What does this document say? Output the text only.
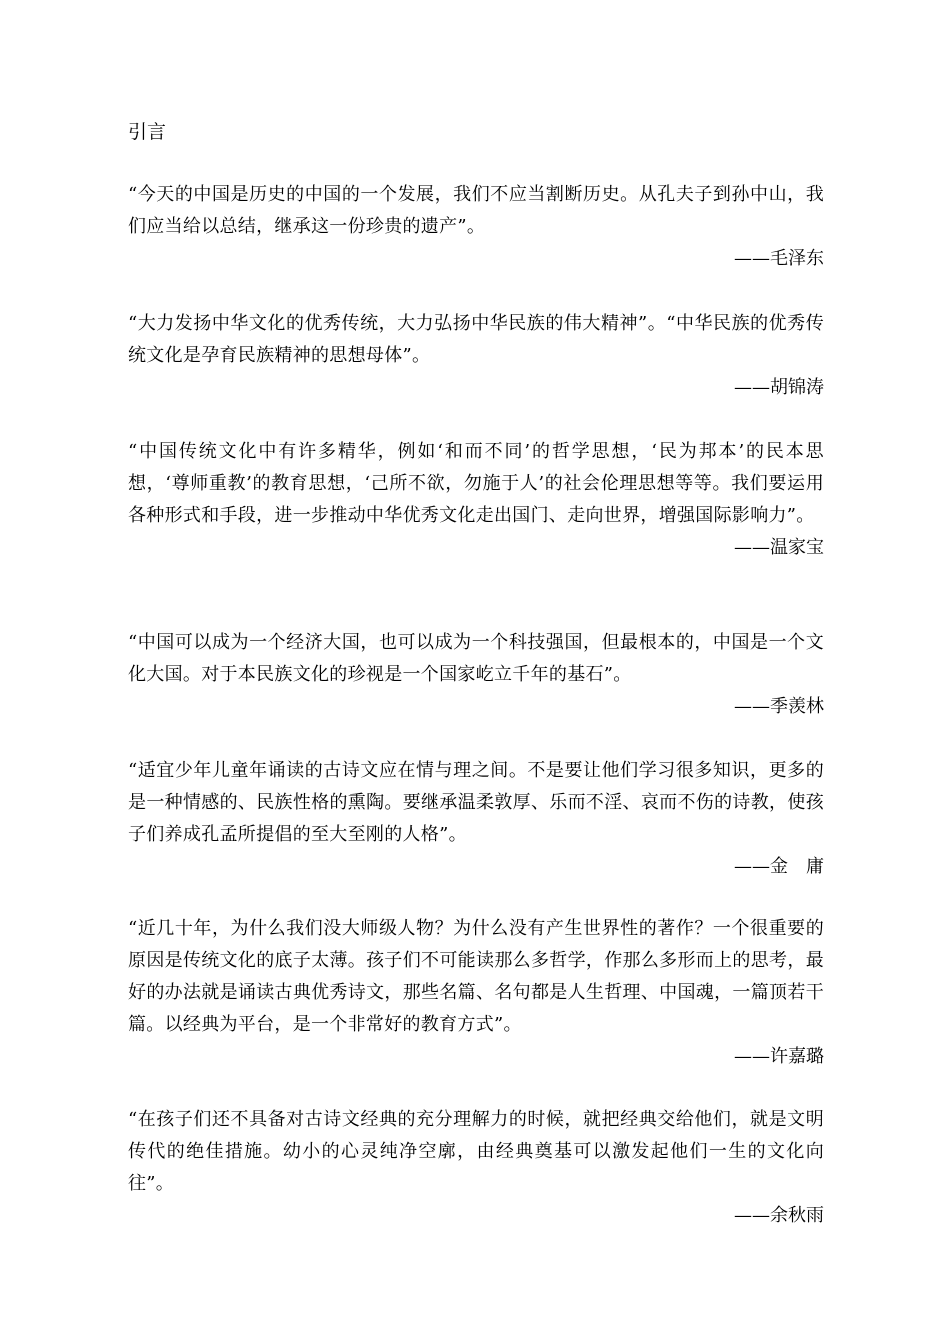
引言

“今天的中国是历史的中国的一个发展，我们不应当割断历史。从孔夫子到孙中山，我们应当给以总结，继承这一份珍贵的遗产”。

——毛泽东

“大力发扬中华文化的优秀传统，大力弘扬中华民族的伟大精神”。“中华民族的优秀传统文化是孕育民族精神的思想母体”。

——胡锦涛

“中国传统文化中有许多精华，例如‘和而不同’的哲学思想，‘民为邦本’的民本思想，‘尊师重教’的教育思想，‘己所不欲，勿施于人’的社会伦理思想等等。我们要运用各种形式和手段，进一步推动中华优秀文化走出国门、走向世界，增强国际影响力”。

——温家宝

“中国可以成为一个经济大国，也可以成为一个科技强国，但最根本的，中国是一个文化大国。对于本民族文化的珍视是一个国家屹立千年的基石”。

——季羡林

“适宜少年儿童年诵读的古诗文应在情与理之间。不是要让他们学习很多知识，更多的是一种情感的、民族性格的熏陶。要继承温柔敦厚、乐而不淫、哀而不伤的诗教，使孩子们养成孔孟所提倡的至大至刚的人格”。

——金　庸

“近几十年，为什么我们没大师级人物？为什么没有产生世界性的著作？一个很重要的原因是传统文化的底子太薄。孩子们不可能读那么多哲学，作那么多形而上的思考，最好的办法就是诵读古典优秀诗文，那些名篇、名句都是人生哲理、中国魂，一篇顶若干篇。以经典为平台，是一个非常好的教育方式”。

——许嘉璐

“在孩子们还不具备对古诗文经典的充分理解力的时候，就把经典交给他们，就是文明传代的绝佳措施。幼小的心灵纯净空廓，由经典奠基可以激发起他们一生的文化向往”。

——余秋雨
